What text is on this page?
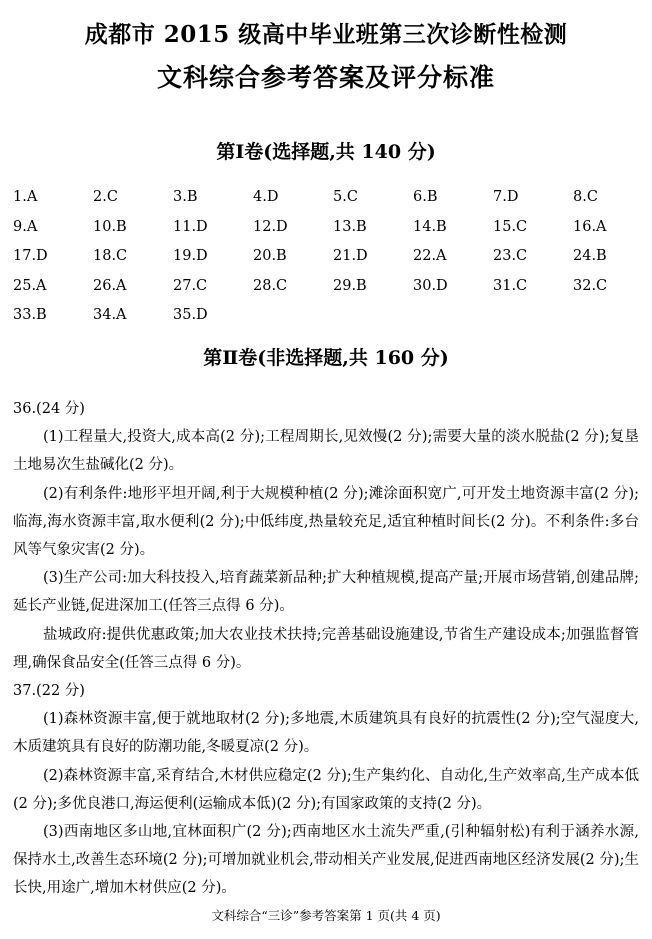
成都市 2015 级高中毕业班第三次诊断性检测
文科综合参考答案及评分标准
第Ⅰ卷(选择题,共 140 分)
1.A	2.C	3.B	4.D	5.C	6.B	7.D	8.C
9.A	10.B	11.D	12.D	13.B	14.B	15.C	16.A
17.D	18.C	19.D	20.B	21.D	22.A	23.C	24.B
25.A	26.A	27.C	28.C	29.B	30.D	31.C	32.C
33.B	34.A	35.D
第Ⅱ卷(非选择题,共 160 分)

36.(24 分)

(1)工程量大,投资大,成本高(2 分);工程周期长,见效慢(2 分);需要大量的淡水脱盐(2 分);复垦土地易次生盐碱化(2 分)。

(2)有利条件:地形平坦开阔,利于大规模种植(2 分);滩涂面积宽广,可开发土地资源丰富(2 分);临海,海水资源丰富,取水便利(2 分);中低纬度,热量较充足,适宜种植时间长(2 分)。不利条件:多台风等气象灾害(2 分)。

(3)生产公司:加大科技投入,培育蔬菜新品种;扩大种植规模,提高产量;开展市场营销,创建品牌;延长产业链,促进深加工(任答三点得 6 分)。

盐城政府:提供优惠政策;加大农业技术扶持;完善基础设施建设,节省生产建设成本;加强监督管理,确保食品安全(任答三点得 6 分)。

37.(22 分)

(1)森林资源丰富,便于就地取材(2 分);多地震,木质建筑具有良好的抗震性(2 分);空气湿度大,木质建筑具有良好的防潮功能,冬暖夏凉(2 分)。

(2)森林资源丰富,采育结合,木材供应稳定(2 分);生产集约化、自动化,生产效率高,生产成本低(2 分);多优良港口,海运便利(运输成本低)(2 分);有国家政策的支持(2 分)。

(3)西南地区多山地,宜林面积广(2 分);西南地区水土流失严重,(引种辐射松)有利于涵养水源,保持水土,改善生态环境(2 分);可增加就业机会,带动相关产业发展,促进西南地区经济发展(2 分);生长快,用途广,增加木材供应(2 分)。

文科综合“三诊”参考答案第 1 页(共 4 页)
